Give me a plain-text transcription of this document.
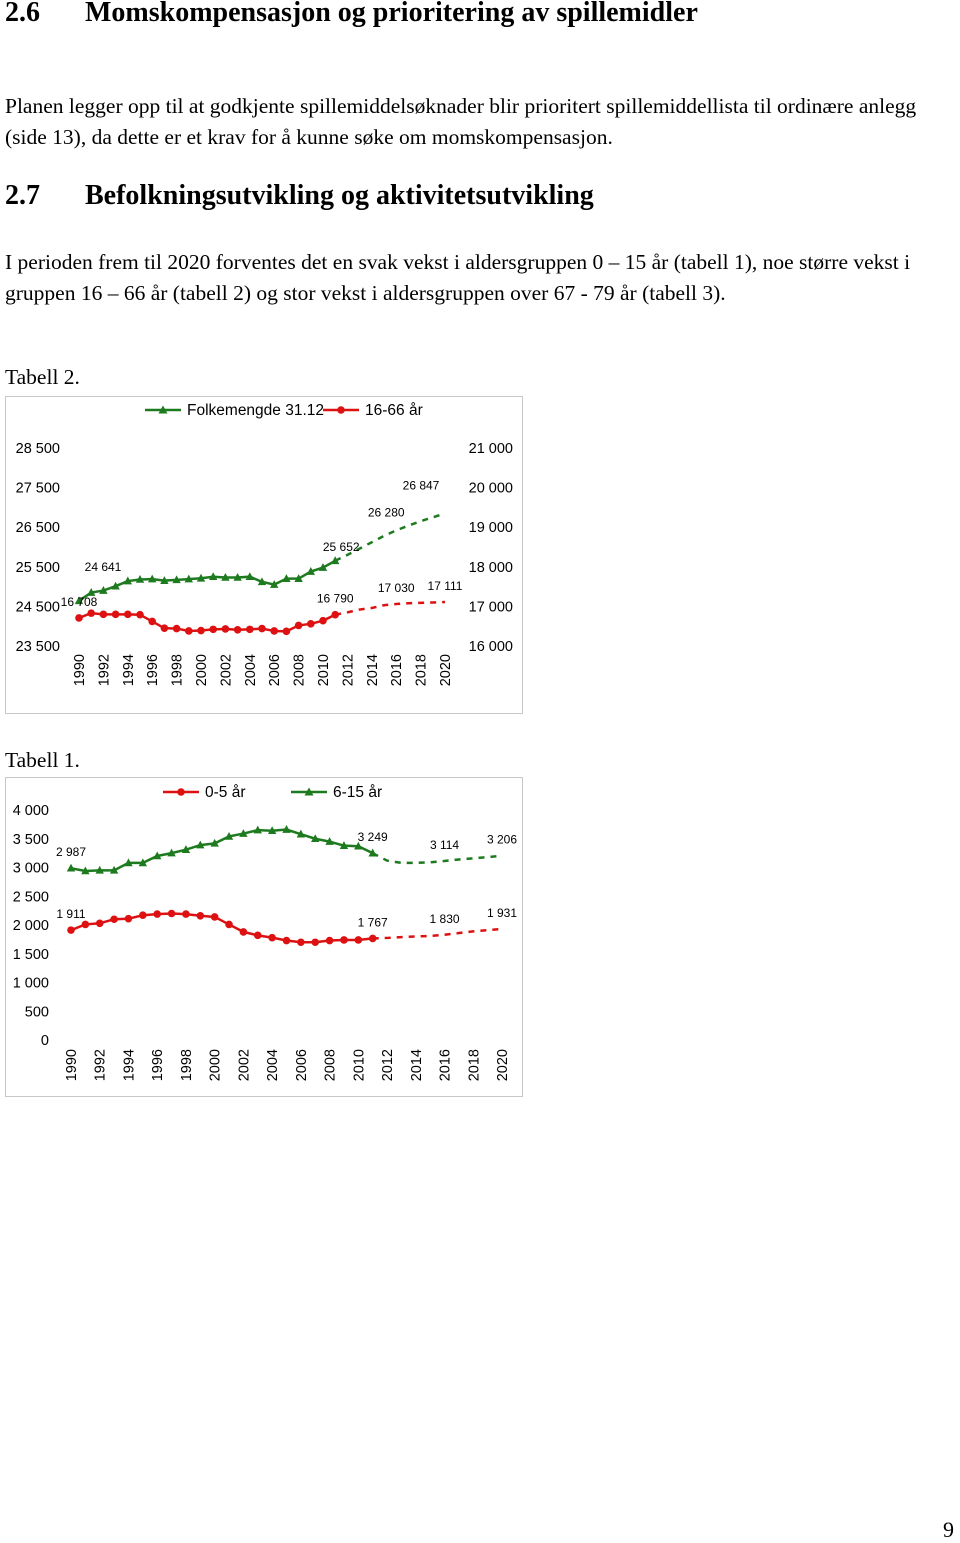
2.6 Momskompensasjon og prioritering av spillemidler
Planen legger opp til at godkjente spillemiddelsøknader blir prioritert spillemiddellista til ordinære anlegg (side 13), da dette er et krav for å kunne søke om momskompensasjon.
2.7 Befolkningsutvikling og aktivitetsutvikling
I perioden frem til 2020 forventes det en svak vekst i aldersgruppen 0 – 15 år (tabell 1), noe større vekst i gruppen 16 – 66 år (tabell 2) og stor vekst i aldersgruppen over 67 - 79 år (tabell 3).
Tabell 2.
28 500
27 500
26 500
25 500
24 500
23 500
21 000
20 000
19 000
18 000
17 000
16 000
1990 1992 1994 1996 1998 2000 2002 2004 2006 2008 2010 2012 2014 2016 2018 2020
Folkemengde 31.12	16-66 år
24 641
25 652
26 280
26 847
16 708	16 790
17 030 17 111
Tabell 1.
4 000
3 500
3 000
2 500
2 000
1 500
1 000
500
0
1990 1992 1994 1996 1998 2000 2002 2004 2006 2008 2010 2012 2014 2016 2018 2020
0-5 år	6-15 år
1 911
1 767	1 830 1 931
2 987
3 249
3 114 3 206
9
